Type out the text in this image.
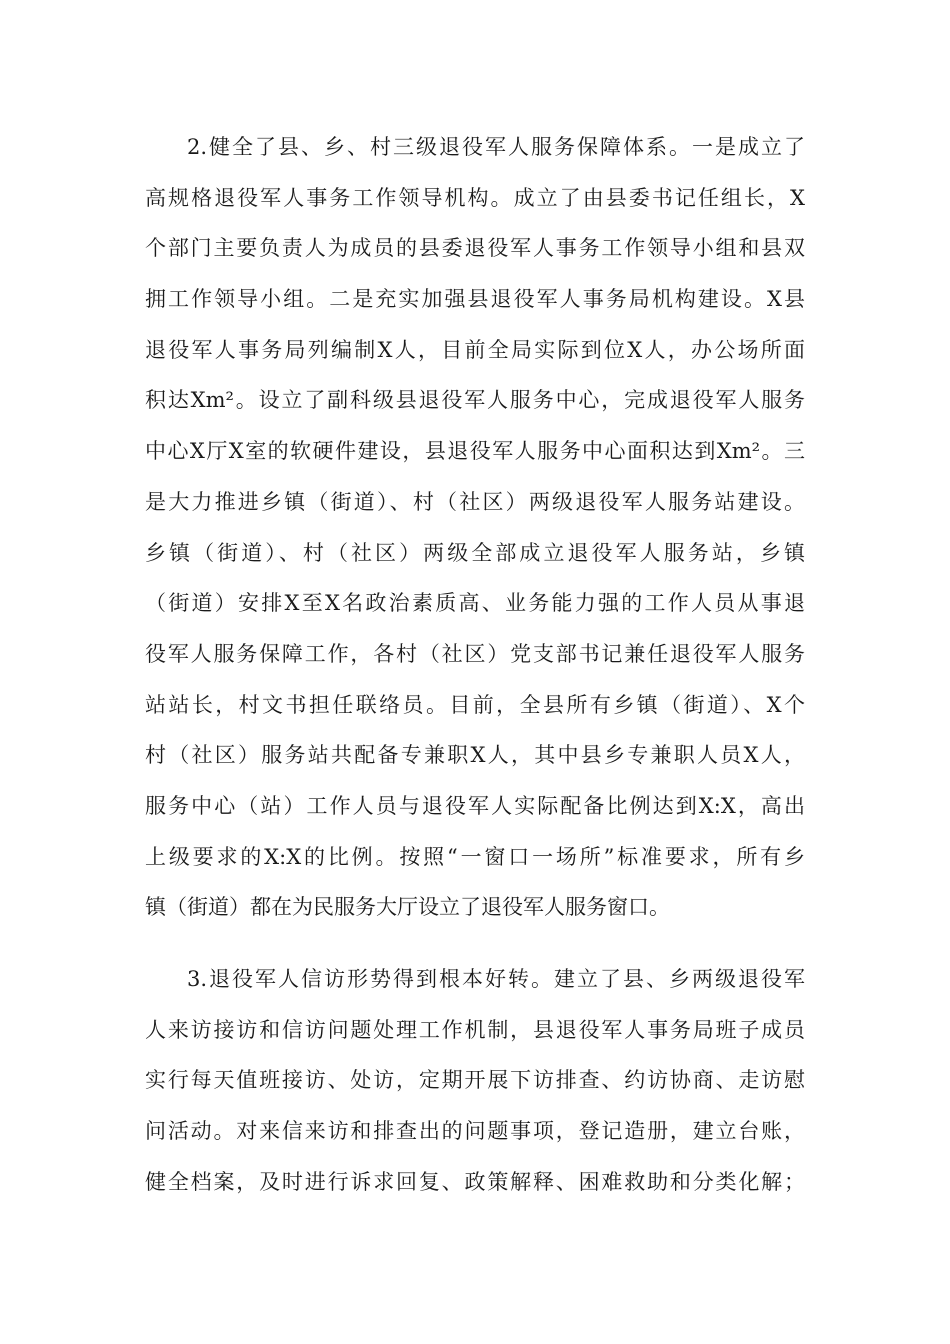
2.健全了县、乡、村三级退役军人服务保障体系。一是成立了
高规格退役军人事务工作领导机构。成立了由县委书记任组长，X
个部门主要负责人为成员的县委退役军人事务工作领导小组和县双
拥工作领导小组。二是充实加强县退役军人事务局机构建设。X县
退役军人事务局列编制X人，目前全局实际到位X人，办公场所面
积达Xm²。设立了副科级县退役军人服务中心，完成退役军人服务
中心X厅X室的软硬件建设，县退役军人服务中心面积达到Xm²。三
是大力推进乡镇（街道）、村（社区）两级退役军人服务站建设。
乡镇（街道）、村（社区）两级全部成立退役军人服务站，乡镇
（街道）安排X至X名政治素质高、业务能力强的工作人员从事退
役军人服务保障工作，各村（社区）党支部书记兼任退役军人服务
站站长，村文书担任联络员。目前，全县所有乡镇（街道）、X个
村（社区）服务站共配备专兼职X人，其中县乡专兼职人员X人，
服务中心（站）工作人员与退役军人实际配备比例达到X:X，高出
上级要求的X:X的比例。按照“一窗口一场所”标准要求，所有乡
镇（街道）都在为民服务大厅设立了退役军人服务窗口。
3.退役军人信访形势得到根本好转。建立了县、乡两级退役军
人来访接访和信访问题处理工作机制，县退役军人事务局班子成员
实行每天值班接访、处访，定期开展下访排查、约访协商、走访慰
问活动。对来信来访和排查出的问题事项，登记造册，建立台账，
健全档案，及时进行诉求回复、政策解释、困难救助和分类化解；
